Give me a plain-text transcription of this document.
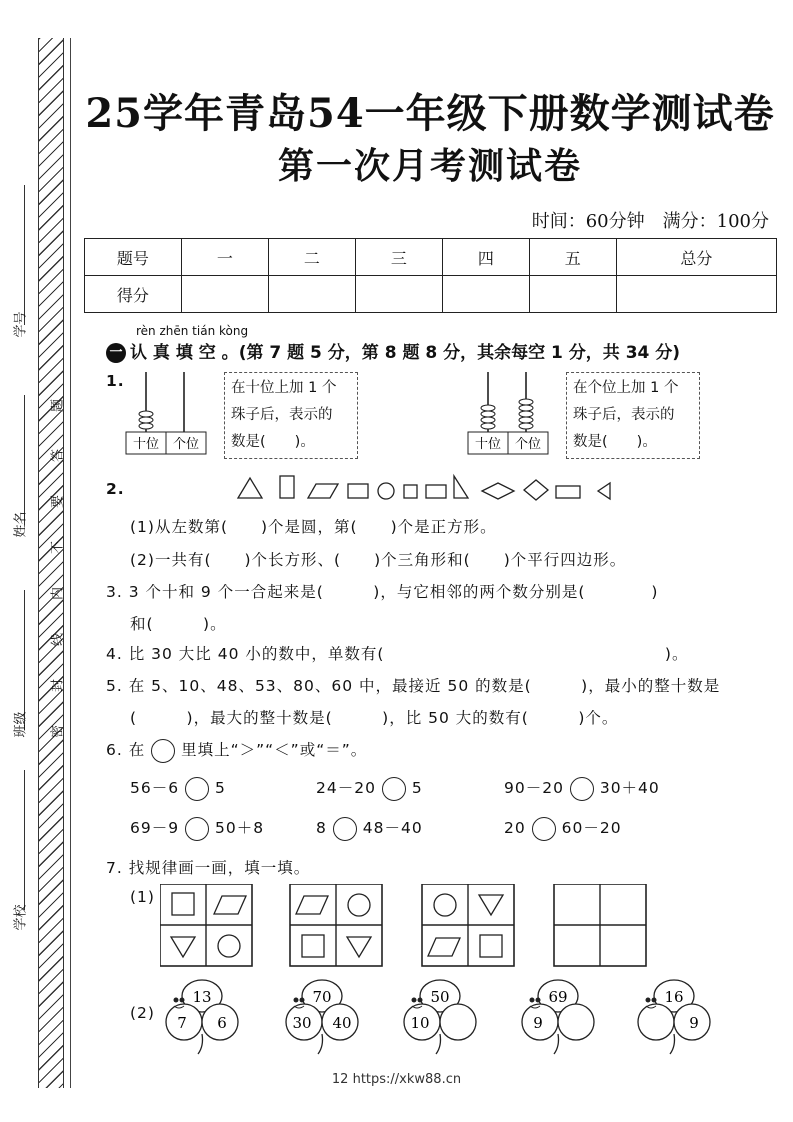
学号
姓名
班级
学校
题
答
要
不
内
线
封
密
25学年青岛54一年级下册数学测试卷
第一次月考测试卷
时间：60分钟　满分：100分
题号	一	二	三	四	五	总分
得分						
rèn zhēn tián kòng
一 认 真 填 空 。(第 7 题 5 分，第 8 题 8 分，其余每空 1 分，共 34 分)
1.
十位 个位
在十位上加 1 个
珠子后，表示的
数是(　　)。	十位 个位
在个位上加 1 个
珠子后，表示的
数是(　　)。
2.
(1)从左数第(　　)个是圆，第(　　)个是正方形。
(2)一共有(　　)个长方形、(　　)个三角形和(　　)个平行四边形。
3. 3 个十和 9 个一合起来是(　　　)，与它相邻的两个数分别是(　　　　)
和(　　　)。
4. 比 30 大比 40 小的数中，单数有(　　　　　　　　　　　　　　　　　)。
5. 在 5、10、48、53、80、60 中，最接近 50 的数是(　　　)，最小的整十数是
(　　　)，最大的整十数是(　　　)，比 50 大的数有(　　　)个。
6. 在 里填上“＞”“＜”或“＝”。
56－6 5	24－20 5	90－20 30＋40
69－9 50＋8	8 48－40	20 60－20
7. 找规律画一画，填一填。
(1)
(2)
13
7 6
70
30 40
50
10
69
9
16
9
12 https://xkw88.cn
